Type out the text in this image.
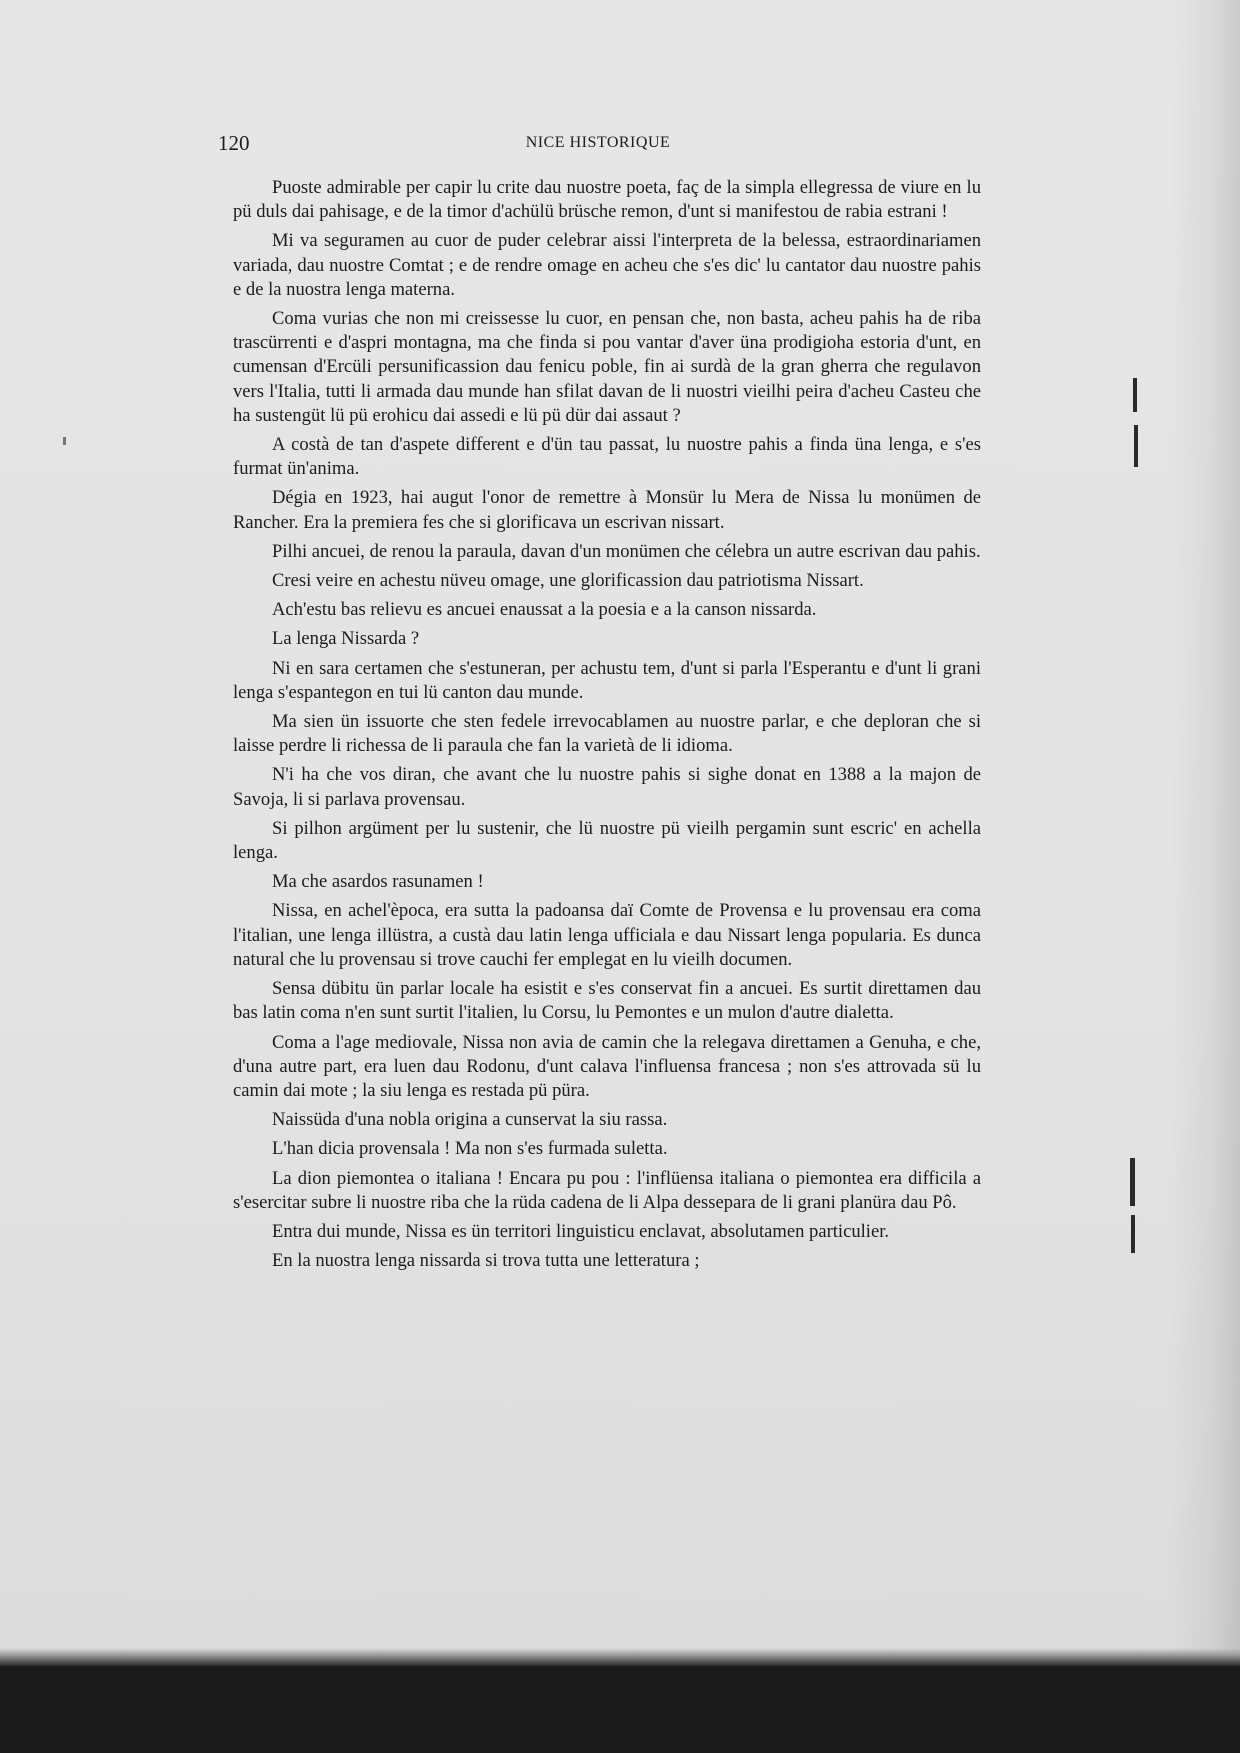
120	NICE HISTORIQUE

Puoste admirable per capir lu crite dau nuostre poeta, faç de la simpla ellegressa de viure en lu pü duls dai pahisage, e de la timor d'achülü brüsche remon, d'unt si manifestou de rabia estrani !

Mi va seguramen au cuor de puder celebrar aissi l'interpreta de la belessa, estraordinariamen variada, dau nuostre Comtat ; e de rendre omage en acheu che s'es dic' lu cantator dau nuostre pahis e de la nuostra lenga materna.

Coma vurias che non mi creissesse lu cuor, en pensan che, non basta, acheu pahis ha de riba trascürrenti e d'aspri montagna, ma che finda si pou vantar d'aver üna prodigioha estoria d'unt, en cumensan d'Ercüli persunificassion dau fenicu poble, fin ai surdà de la gran gherra che regulavon vers l'Italia, tutti li armada dau munde han sfilat davan de li nuostri vieilhi peira d'acheu Casteu che ha sustengüt lü pü erohicu dai assedi e lü pü dür dai assaut ?

A costà de tan d'aspete different e d'ün tau passat, lu nuostre pahis a finda üna lenga, e s'es furmat ün'anima.

Dégia en 1923, hai augut l'onor de remettre à Monsür lu Mera de Nissa lu monümen de Rancher. Era la premiera fes che si glorificava un escrivan nissart.

Pilhi ancuei, de renou la paraula, davan d'un monümen che célebra un autre escrivan dau pahis.

Cresi veire en achestu nüveu omage, une glorificassion dau patriotisma Nissart.

Ach'estu bas relievu es ancuei enaussat a la poesia e a la canson nissarda.

La lenga Nissarda ?

Ni en sara certamen che s'estuneran, per achustu tem, d'unt si parla l'Esperantu e d'unt li grani lenga s'espantegon en tui lü canton dau munde.

Ma sien ün issuorte che sten fedele irrevocablamen au nuostre parlar, e che deploran che si laisse perdre li richessa de li paraula che fan la varietà de li idioma.

N'i ha che vos diran, che avant che lu nuostre pahis si sighe donat en 1388 a la majon de Savoja, li si parlava provensau.

Si pilhon argüment per lu sustenir, che lü nuostre pü vieilh pergamin sunt escric' en achella lenga.

Ma che asardos rasunamen !

Nissa, en achel'època, era sutta la padoansa daï Comte de Provensa e lu provensau era coma l'italian, une lenga illüstra, a custà dau latin lenga ufficiala e dau Nissart lenga popularia. Es dunca natural che lu provensau si trove cauchi fer emplegat en lu vieilh documen.

Sensa dübitu ün parlar locale ha esistit e s'es conservat fin a ancuei. Es surtit direttamen dau bas latin coma n'en sunt surtit l'italien, lu Corsu, lu Pemontes e un mulon d'autre dialetta.

Coma a l'age mediovale, Nissa non avia de camin che la relegava direttamen a Genuha, e che, d'una autre part, era luen dau Rodonu, d'unt calava l'influensa francesa ; non s'es attrovada sü lu camin dai mote ; la siu lenga es restada pü püra.

Naissüda d'una nobla origina a cunservat la siu rassa.

L'han dicia provensala ! Ma non s'es furmada suletta.

La dion piemontea o italiana ! Encara pu pou : l'inflüensa italiana o piemontea era difficila a s'esercitar subre li nuostre riba che la rüda cadena de li Alpa dessepara de li grani planüra dau Pô.

Entra dui munde, Nissa es ün territori linguisticu enclavat, absolutamen particulier.

En la nuostra lenga nissarda si trova tutta une letteratura ;
